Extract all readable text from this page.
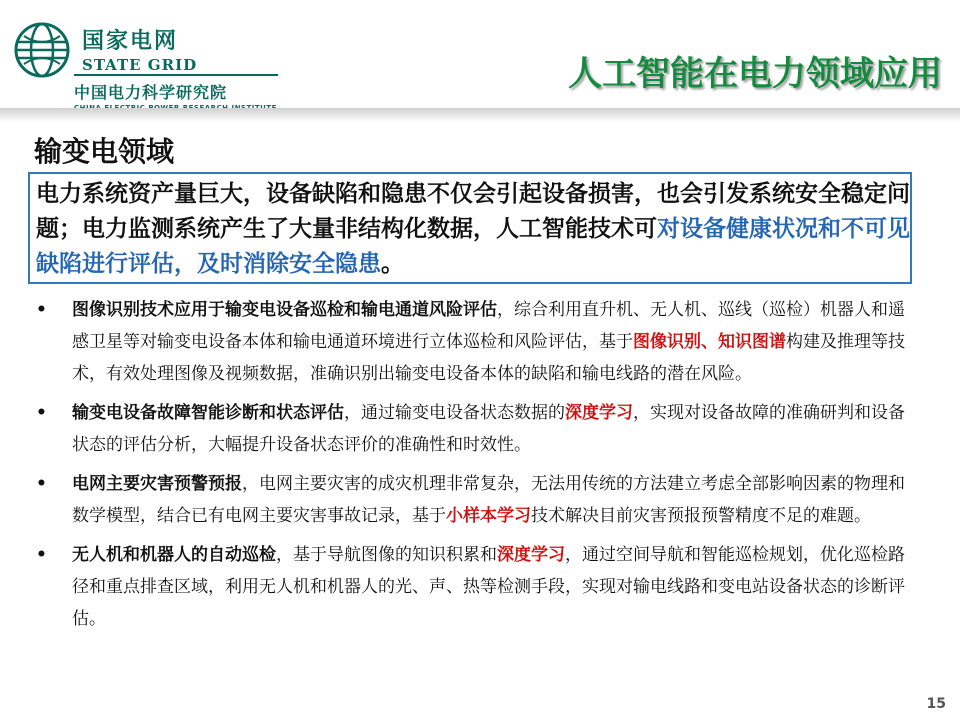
国家电网
STATE GRID
中国电力科学研究院	人工智能在电力领域应用
输变电领域
电力系统资产量巨大，设备缺陷和隐患不仅会引起设备损害，也会引发系统安全稳定问题；电力监测系统产生了大量非结构化数据，人工智能技术可对设备健康状况和不可见缺陷进行评估，及时消除安全隐患。
• 图像识别技术应用于输变电设备巡检和输电通道风险评估，综合利用直升机、无人机、巡线（巡检）机器人和遥感卫星等对输变电设备本体和输电通道环境进行立体巡检和风险评估，基于图像识别、知识图谱构建及推理等技术，有效处理图像及视频数据，准确识别出输变电设备本体的缺陷和输电线路的潜在风险。
• 输变电设备故障智能诊断和状态评估，通过输变电设备状态数据的深度学习，实现对设备故障的准确研判和设备状态的评估分析，大幅提升设备状态评价的准确性和时效性。
• 电网主要灾害预警预报，电网主要灾害的成灾机理非常复杂，无法用传统的方法建立考虑全部影响因素的物理和数学模型，结合已有电网主要灾害事故记录，基于小样本学习技术解决目前灾害预报预警精度不足的难题。
• 无人机和机器人的自动巡检，基于导航图像的知识积累和深度学习，通过空间导航和智能巡检规划，优化巡检路径和重点排查区域，利用无人机和机器人的光、声、热等检测手段，实现对输电线路和变电站设备状态的诊断评估。
15
